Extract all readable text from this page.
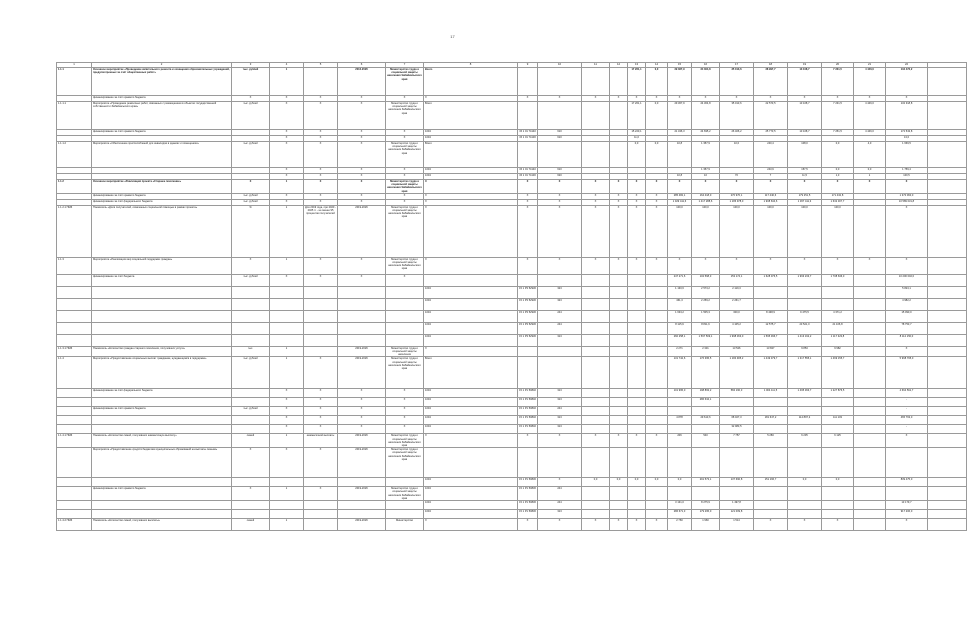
17
1	2	3	4	5	6	7	8	9	10	11	12	13	14	15	16	17	18	19	20	21	22	
1.1.1	Основное мероприятие «Проведение капитального ремонта и оснащения образовательных учреждений, предусмотренных за счёт общественных работ»	тыс. рублей	1		2016-2026	Министерство труда и социальной защиты населения Забайкальского края	Всего					17 261,1	0,0	29 367,9	24 304,8	35 013,6	28 997,7	13 108,7	7 231,5	4 446,0	134 472,2	
	финансирование за счёт краевого бюджета	Х	Х	Х	Х	Х	Х	Х	Х	Х	Х	Х	Х	Х	Х	Х	Х	Х	Х	Х	Х	
1.1.1.1	Мероприятие «Проведение ремонтных работ, связанных с размещением в объектах государственной собственности Забайкальского края»	тыс. рублей	Х	Х	Х	Министерство труда и социальной защиты населения Забайкальского края	Всего					17 261,1	0,0	29 367,9	24 304,8	35 013,6	22 573,5	13 108,7	7 231,5	4 446,0	132 318,8	
	финансирование за счёт краевого бюджета		Х	Х	Х	Х	1004	15 1 01 74140	610			15 220,1		21 346,3	24 695,2	26 406,2	25 773,5	13 108,7	7 251,5	4 446,0	172 543,8	
			Х	Х	Х	Х	1004	15 1 01 74130	610			11,0									13,0	
1.1.1.2	Мероприятие «Обеспечение приспособлений для инвалидов в зданиях и помещениях»	тыс. рублей	Х	Х	Х	Министерство труда и социальной защиты населения Забайкальского края	Всего					0,0	0,0	10,8	1 357,9	10,0	240,4	108,0	0,0	4,0	1 669,5	
			Х	Х	Х	Х	1004	15 1 01 74140	610						1 357,9		243,9	157,5	0,0	0,0	1 759,4	
			Х	Х	Х	Х	1004	15 1 01 74130	620					10,8	10	70	7	11,5	1,3	1	100,5	
1.1.2	Основное мероприятие «Реализация проекта «Старшее поколение»	Х	1	Х	Х	Министерство труда и социальной защиты населения Забайкальского края	Х	Х	Х	Х	Х	Х	Х	Х	Х	Х	Х	Х	Х	Х	Х	
	финансирование за счёт краевого бюджета	тыс. рублей	Х	Х	Х	Х	Х	Х	Х	Х	Х	Х	Х	285 482,1	164 418,0	270 970,1	117 440,6	179 251,5	171 432,8		1 370 060,0	
	финансирование за счёт федерального бюджета	тыс. рублей	Х	Х	Х	Х	Х	Х	Х	Х	Х	Х	Х	1 029 411,6	1 417 288,6	1 186 978,0	1 908 634,6	1 367 411,3	1 632 307,7		10 589 031,8	
1.1.2.1 ПМЗ	Показатель «Доля получателей, охваченных социальной помощью в рамках проекта»	%	1	Для 2019 года, при 2020 - 2025 гг. - не менее 95 процентов получателей	2019-2026	Министерство труда и социальной защиты населения Забайкальского края	Х	Х	Х	Х	Х	Х	Х	100,0	100,0	100,0	100,0	100,0	100,0		Х	
1.1.3	Мероприятие «Реализация мер социальной поддержки граждан»	Х	1	Х	Х	Министерство труда и социальной защиты населения Забайкальского края	Х	Х	Х	Х	Х	Х	Х	Х	Х	Х	Х	Х	Х	Х	Х	
	финансирование за счёт бюджета	тыс. рублей	Х	Х	Х	Х								247 271,6	102 568,3	153 174,1	1 628 076,5	1 993 233,7	1 708 636,0		10 200 002,0	
							1004	15 1 P3 52930	323					1 130,6	2 573,2	2 119,3					5 823,1	
							1004	15 1 P3 52930	323					461,3	2 259,2	2 261,7					4 982,2	
							1004	15 1 P3 52930	244					1 633,2	1 505,3	300,0	8 438,9	9 475,5	4 371,2		15 090,0	
							1004	15 1 P3 52930	244					8 115,9	8 811,6	4 105,2	12 575,7	23 521,0	21 106,8		78 753,7	
							1004	15 1 P3 52930	313					260 258,1	1 597 509,1	1 998 363,0	1 595 396,7	1 413 192,2	1 117 323,8		8 112 150,0	
1.1.3.1 ПМЗ	Показатель «Количество граждан старшего поколения, получивших услуги»	тыс.	1		2019-2026	Министерство труда и социальной защиты населения	Х							2 271	2 331	13 526	13 827	9 853	9 982		Х	
1.1.4	Мероприятие «Предоставление социальных выплат гражданам, нуждающимся в поддержке»	тыс. рублей	1	Х	2019-2026	Министерство труда и социальной защиты населения Забайкальского края	Всего							131 742,6	176 395,5	1 184 905,2	1 449 379,7	1 317 555,1	1 469 155,7		5 968 795,0	
	финансирование за счёт федерального бюджета		Х	Х	Х	Х	1004	15 1 P1 50840	313					101 995,0	198 893,2	584 190,3	1 004 111,5	1 495 393,7	1 227 876,5		4 664 591,7	
			Х	Х	Х	Х	1004	15 1 P1 50840	313						286 634,1						-	
	финансирование за счёт краевого бюджета	тыс. рублей	Х	Х	Х	Х	1004	15 1 P1 50840	244												-	
			Х	Х	Х	Х	1004	15 1 P1 50840	313					4 878	29 613,6	68 027,3	181 647,2	114 897,2	111 103		465 763,0	
			Х	Х	Х	Х	1004	15 1 P1 50840	313							32 983,5					-	
1.1.4.1 ПМЗ	Показатель «Количество семей, получивших ежемесячную выплату»	семей	1	ежемесячной выплаты	2019-2026	Министерство труда и социальной защиты населения Забайкальского края	Х	Х	Х	Х	Х	Х	Х	206	540	7 757	5 283	6 235	6 125		Х	
	Мероприятие «Предоставление средств бюджетам муниципальных образований на выплаты семьям»	Х	Х	Х	2019-2026	Министерство труда и социальной защиты населения Забайкальского края																
							1004	15 1 P1 50830	Х	0,0	0,0	0,0	0,0	0,0	291 573,1	137 690,8	151 166,7	0,0	0,0		839 475,0	
	финансирование за счёт краевого бюджета	Х	1	Х	2019-2026	Министерство труда и социальной защиты населения Забайкальского края	1004	15 1 P1 50830	244													
							1004	15 1 P1 50830	244					3 131,0	8 275,9	1 497,8					13 179,7	
							1004	15 1 P1 50830	313					286 671,3	179 295,0	121 009,8					917 206,0	
1.1.4.2 ПМЗ	Показатель «Количество семей, получивших выплаты»	семей	1		2019-2026	Министерство	Х	Х	Х	Х	Х	Х	Х	2 760	1 960	1 514	Х	Х	Х		Х	
